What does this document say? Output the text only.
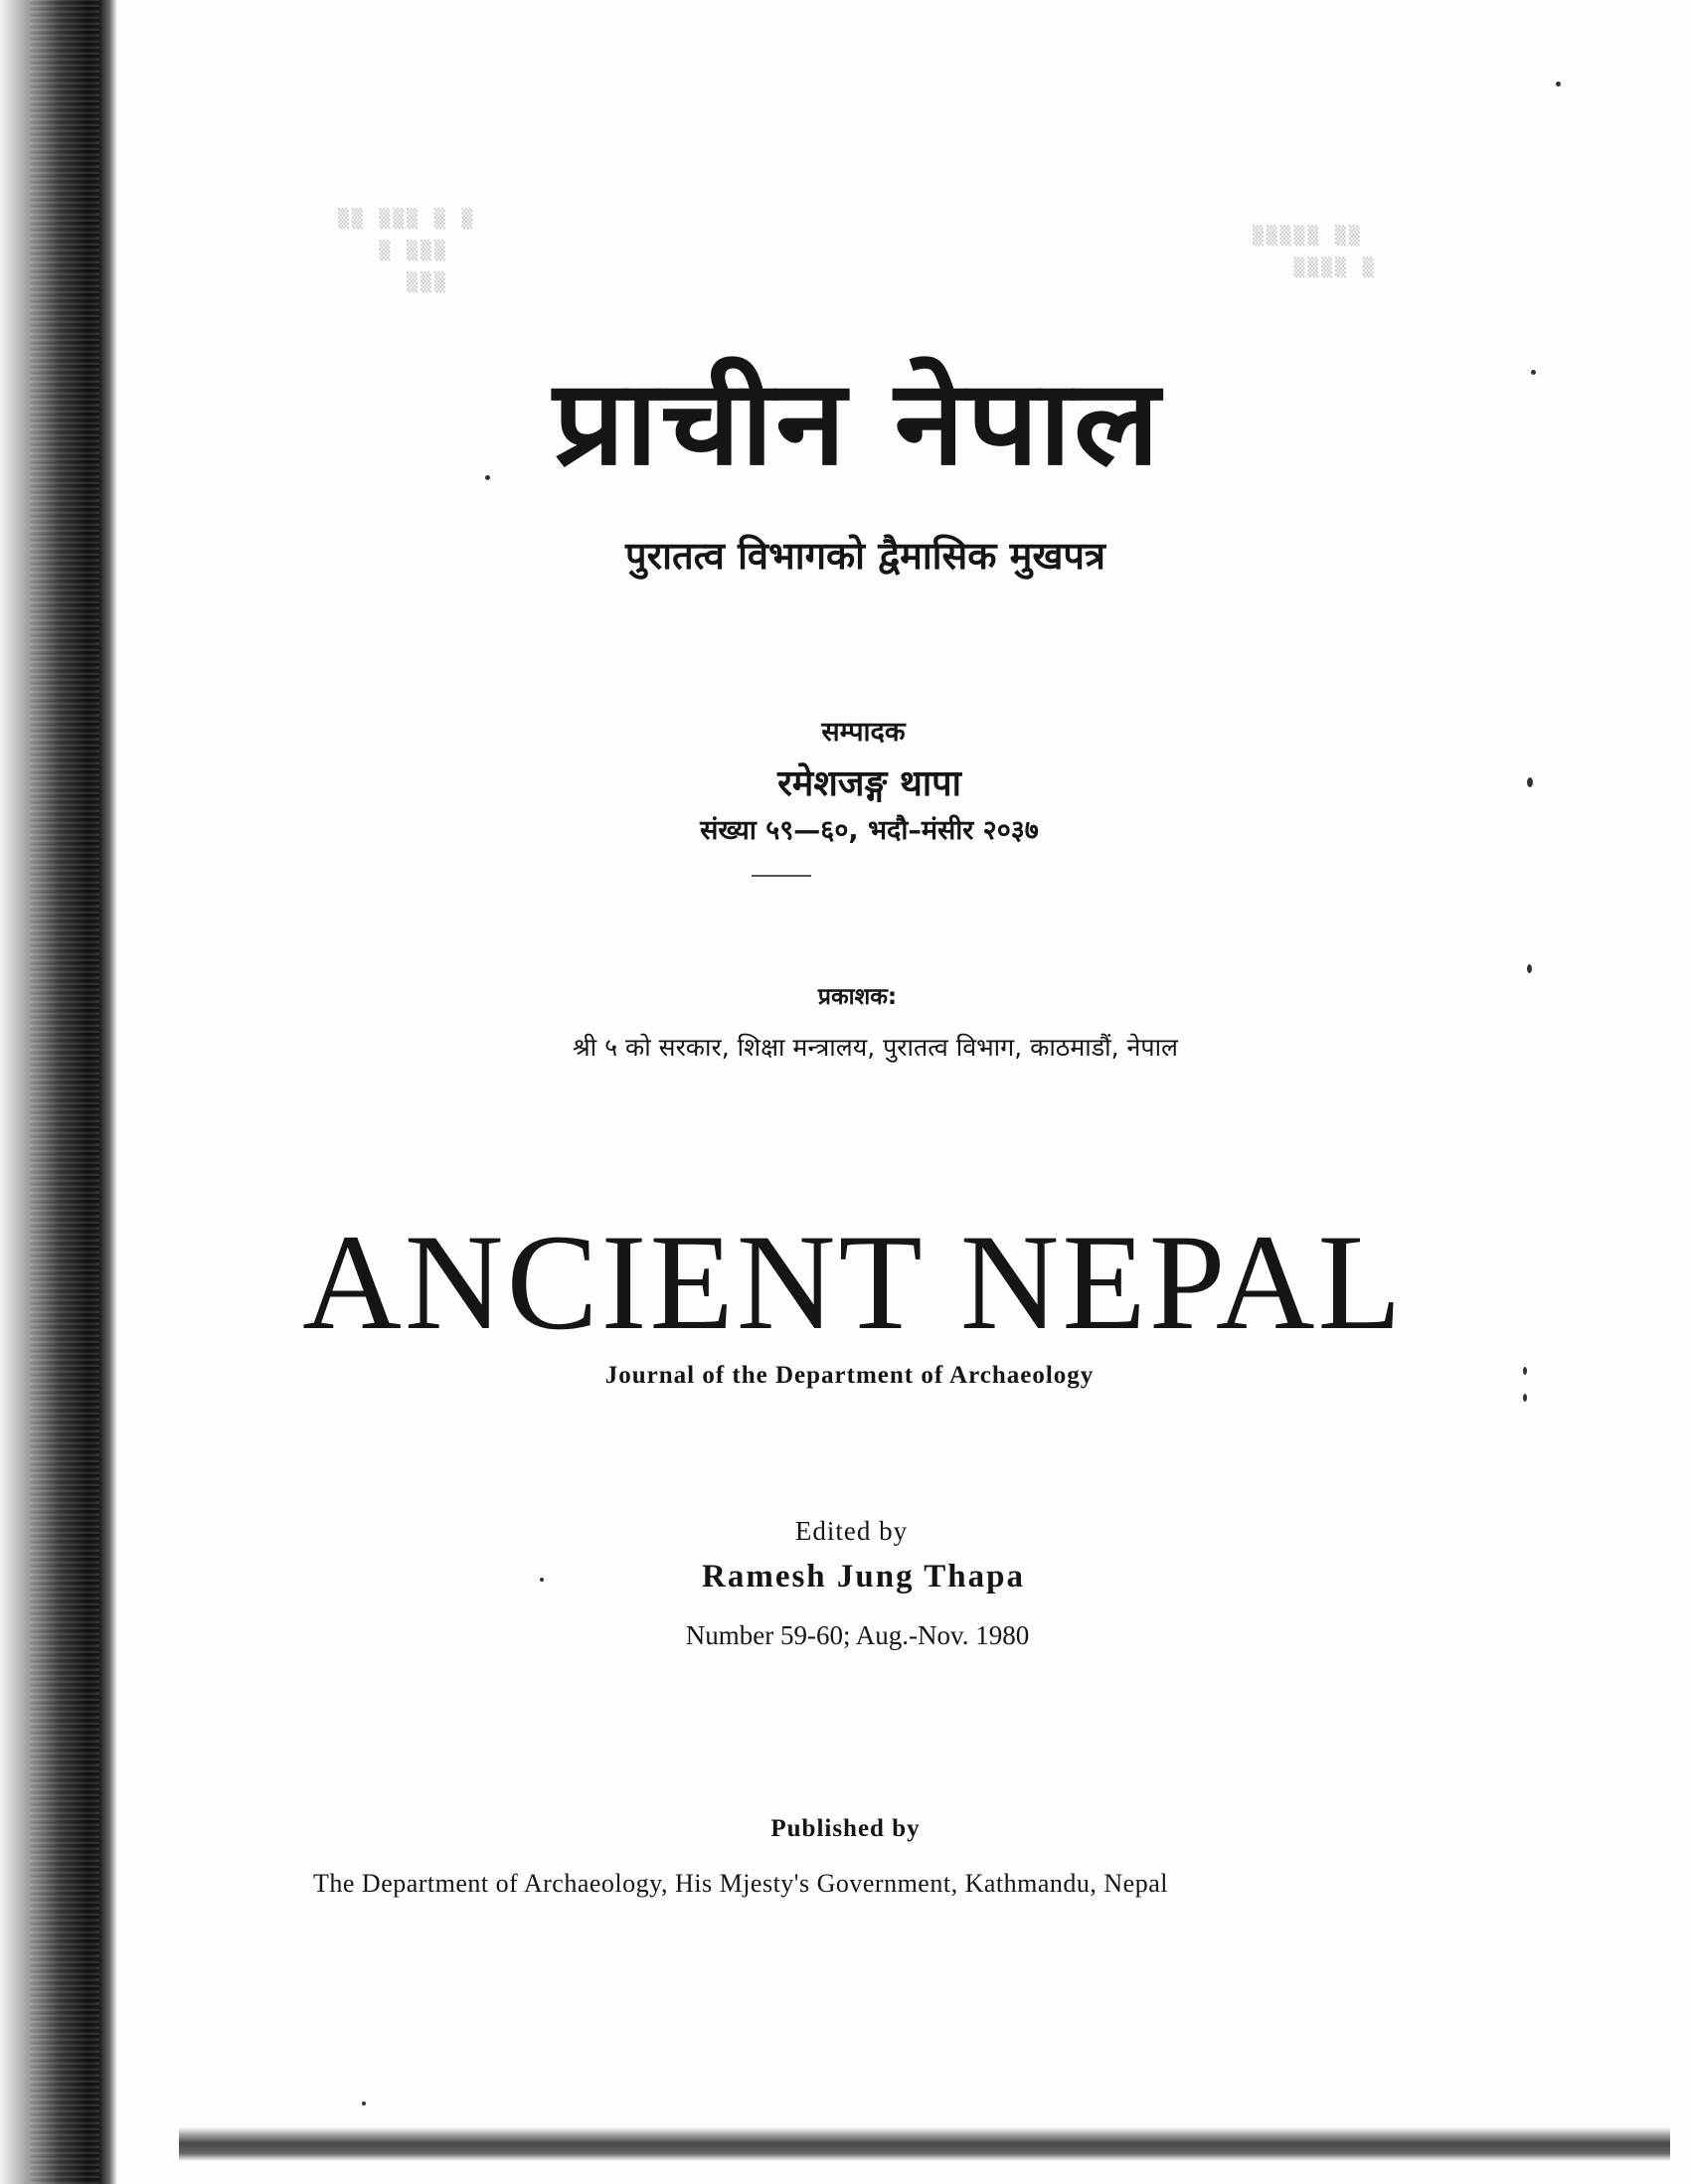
▒▒ ▒▒▒ ▒ ▒
▒ ▒▒▒
▒▒▒
▒▒▒▒▒ ▒▒
▒▒▒▒ ▒
प्राचीन नेपाल
पुरातत्व विभागको द्वैमासिक मुखपत्र
सम्पादक
रमेशजङ्ग थापा
संख्या ५९—६०, भदौ–मंसीर २०३७
प्रकाशक:
श्री ५ को सरकार, शिक्षा मन्त्रालय, पुरातत्व विभाग, काठमाडौं, नेपाल
ANCIENT NEPAL
Journal of the Department of Archaeology
Edited by
Ramesh Jung Thapa
Number 59-60; Aug.-Nov. 1980
Published by
The Department of Archaeology, His Mjesty's Government, Kathmandu, Nepal
